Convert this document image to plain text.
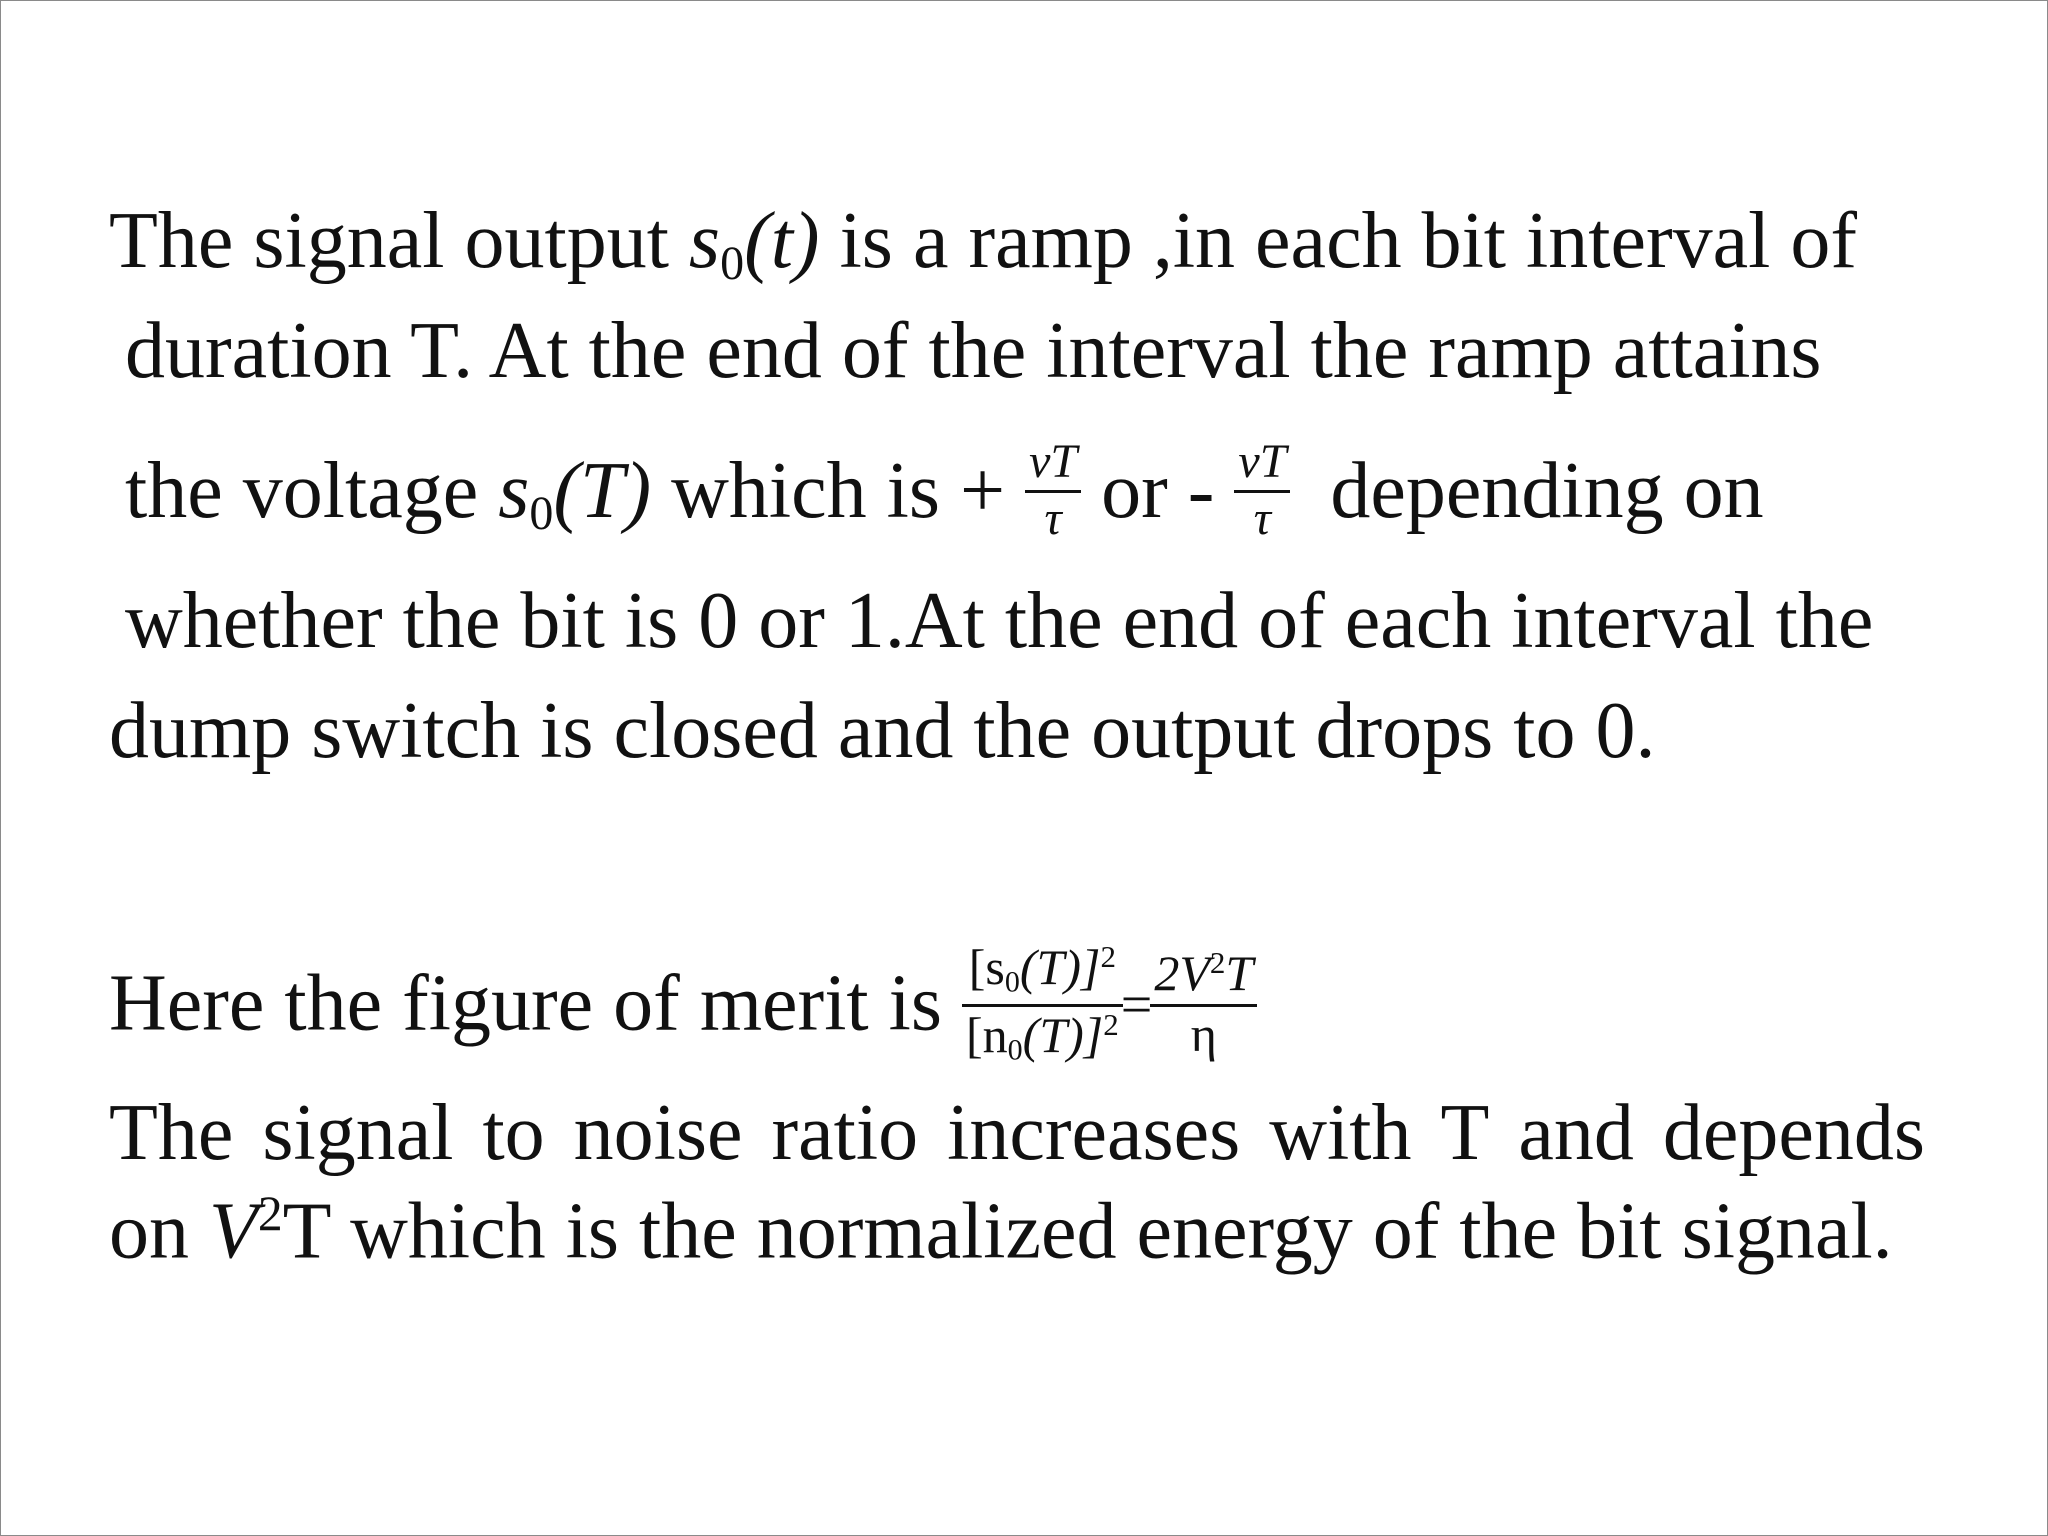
The signal output $s_0(t)$ is a ramp ,in each bit interval of
duration T. At the end of the interval the ramp attains
the voltage $s_0(T)$ which is + $\frac{vT}{\tau}$ or - $\frac{vT}{\tau}$ depending on
whether the bit is 0 or 1.At the end of each interval the
dump switch is closed and the output drops to 0.
Here the figure of merit is $\frac{[s_0(T)]^2}{[n_0(T)]^2}$
=
$\frac{2V^2T}{\eta}$
The signal to noise ratio increases with T and depends
on $V^2T$ which is the normalized energy of the bit signal.
